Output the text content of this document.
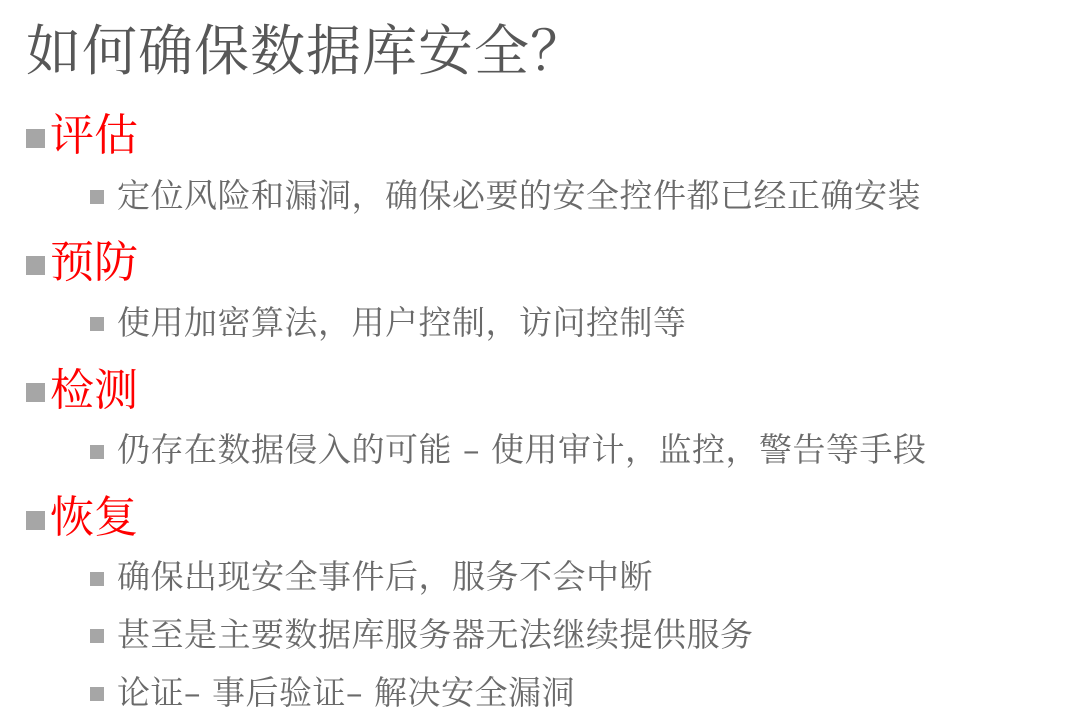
如何确保数据库安全？
评估
定位风险和漏洞，确保必要的安全控件都已经正确安装
预防
使用加密算法，用户控制，访问控制等
检测
仍存在数据侵入的可能 – 使用审计，监控，警告等手段
恢复
确保出现安全事件后，服务不会中断
甚至是主要数据库服务器无法继续提供服务
论证– 事后验证– 解决安全漏洞
